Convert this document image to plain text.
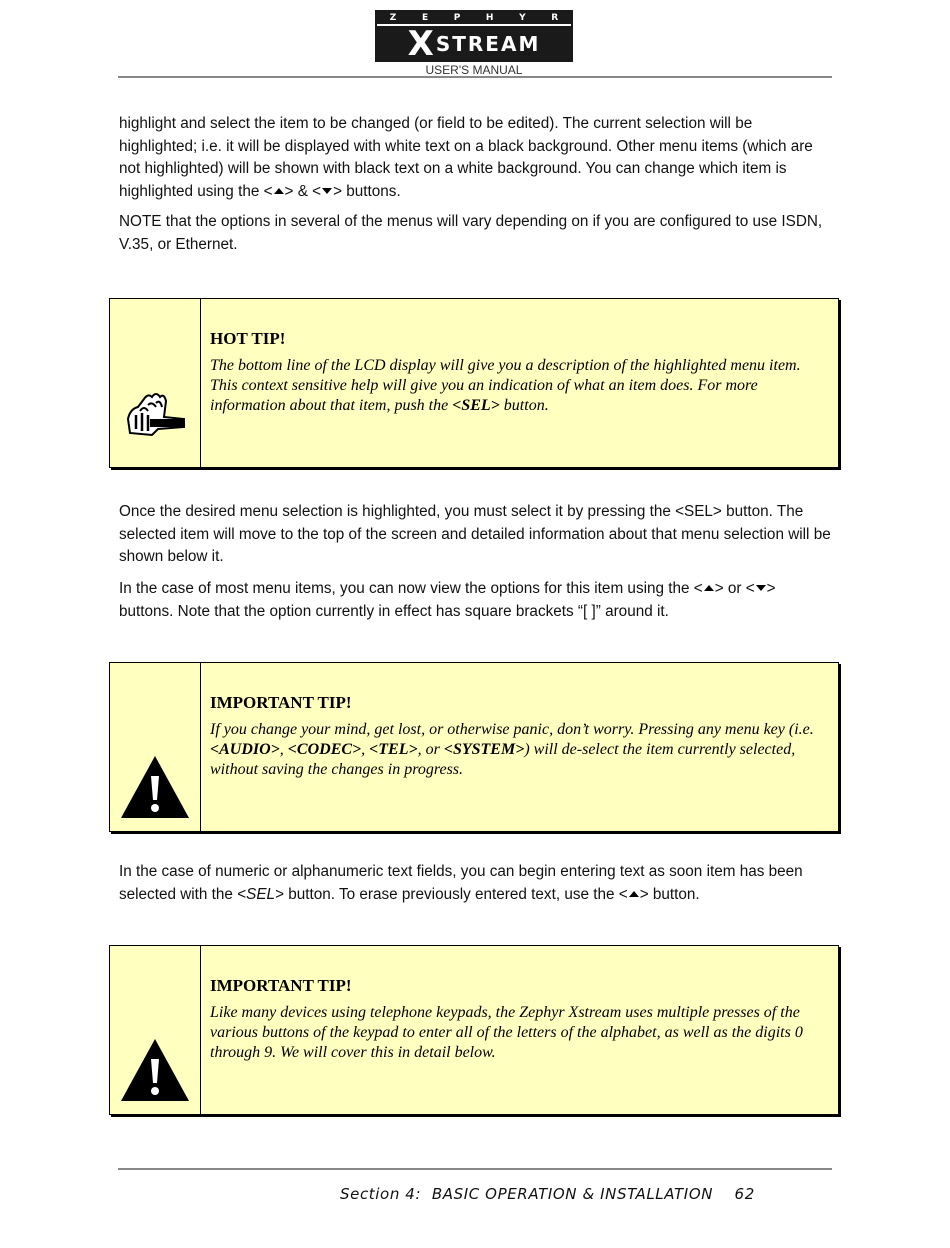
Z	E	P	H	Y	R
X STREAM
USER'S MANUAL
highlight and select the item to be changed (or field to be edited). The current selection will be highlighted; i.e. it will be displayed with white text on a black background. Other menu items (which are not highlighted) will be shown with black text on a white background. You can change which item is highlighted using the < > & < > buttons.
NOTE that the options in several of the menus will vary depending on if you are configured to use ISDN, V.35, or Ethernet.
HOT TIP!
The bottom line of the LCD display will give you a description of the highlighted menu item. This context sensitive help will give you an indication of what an item does. For more information about that item, push the <SEL> button.
Once the desired menu selection is highlighted, you must select it by pressing the <SEL> button. The selected item will move to the top of the screen and detailed information about that menu selection will be shown below it.
In the case of most menu items, you can now view the options for this item using the < > or < > buttons. Note that the option currently in effect has square brackets “[ ]” around it.
IMPORTANT TIP!
If you change your mind, get lost, or otherwise panic, don’t worry. Pressing any menu key (i.e. <AUDIO>, <CODEC>, <TEL>, or <SYSTEM>) will de-select the item currently selected, without saving the changes in progress.
In the case of numeric or alphanumeric text fields, you can begin entering text as soon item has been selected with the <SEL> button. To erase previously entered text, use the < > button.
IMPORTANT TIP!
Like many devices using telephone keypads, the Zephyr Xstream uses multiple presses of the various buttons of the keypad to enter all of the letters of the alphabet, as well as the digits 0 through 9. We will cover this in detail below.
Section 4:  BASIC OPERATION & INSTALLATION 62
